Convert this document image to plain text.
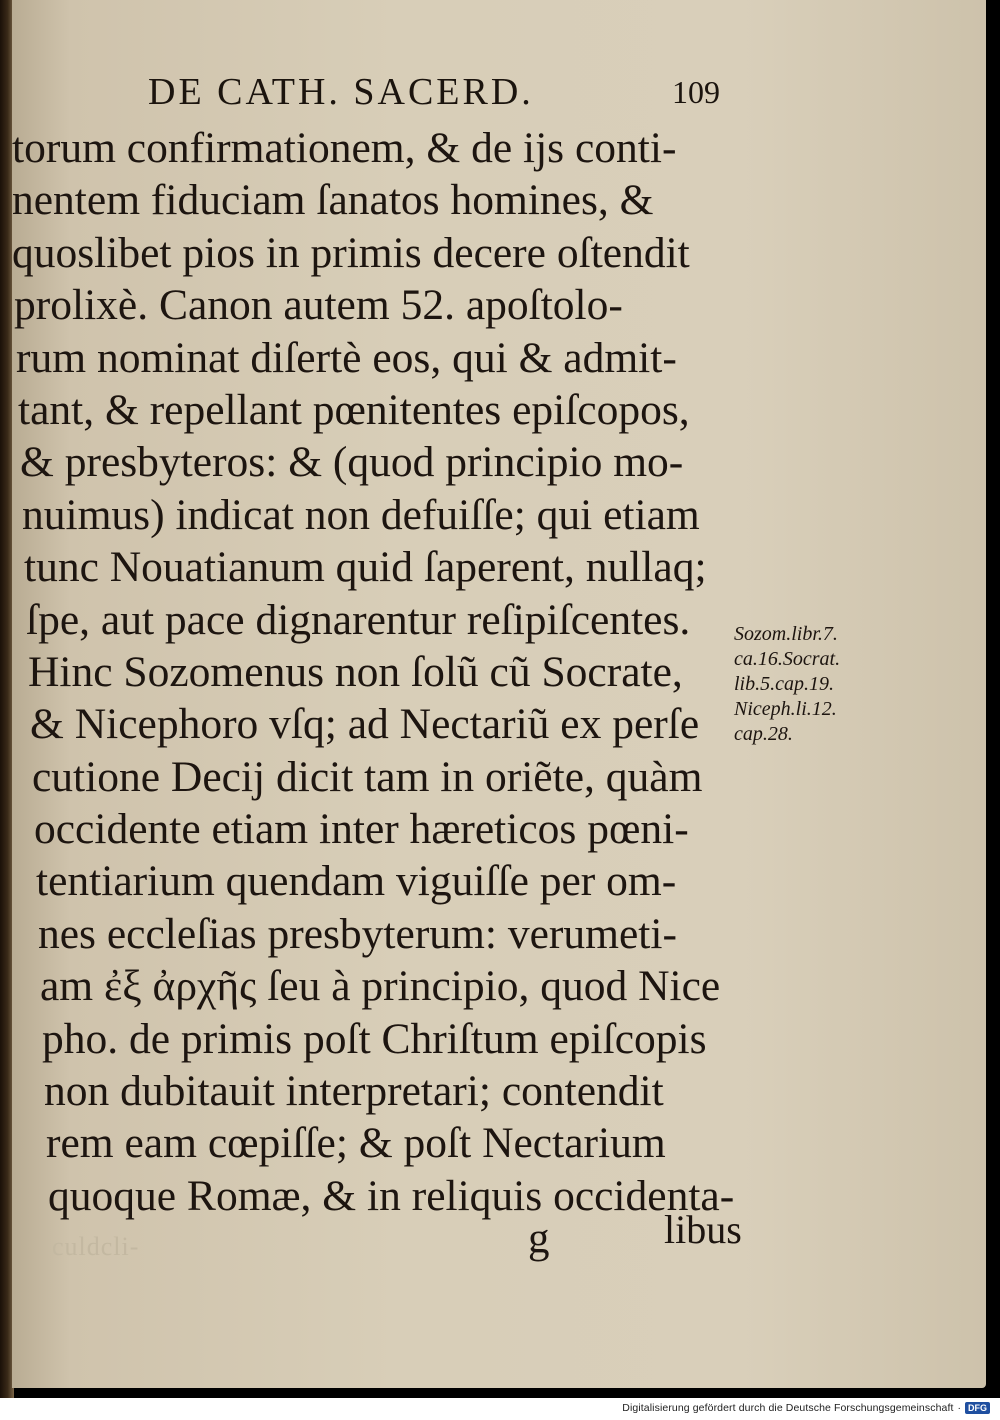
DE CATH. SACERD.	109
torum confirmationem, & de ijs conti-
nentem fiduciam ſanatos homines, &
quoslibet pios in primis decere oſtendit
prolixè. Canon autem 52. apoſtolo-
rum nominat diſertè eos, qui & admit-
tant, & repellant pœnitentes epiſcopos,
& presbyteros: & (quod principio mo-
nuimus) indicat non defuiſſe; qui etiam
tunc Nouatianum quid ſaperent, nullaq;
ſpe, aut pace dignarentur reſipiſcentes.
Hinc Sozomenus non ſolũ cũ Socrate,
& Nicephoro vſq; ad Nectariũ ex perſe
cutione Decij dicit tam in oriẽte, quàm
occidente etiam inter hæreticos pœni-
tentiarium quendam viguiſſe per om-
nes eccleſias presbyterum: verumeti-
am ἐξ ἀρχῆς ſeu à principio, quod Nice
pho. de primis poſt Chriſtum epiſcopis
non dubitauit interpretari; contendit
rem eam cœpiſſe; & poſt Nectarium
quoque Romæ, & in reliquis occidenta-
Sozom.libr.7.
ca.16.Socrat.
lib.5.cap.19.
Niceph.li.12.
cap.28.
culdcli-	g	libus
Digitalisierung gefördert durch die Deutsche Forschungsgemeinschaft · DFG
